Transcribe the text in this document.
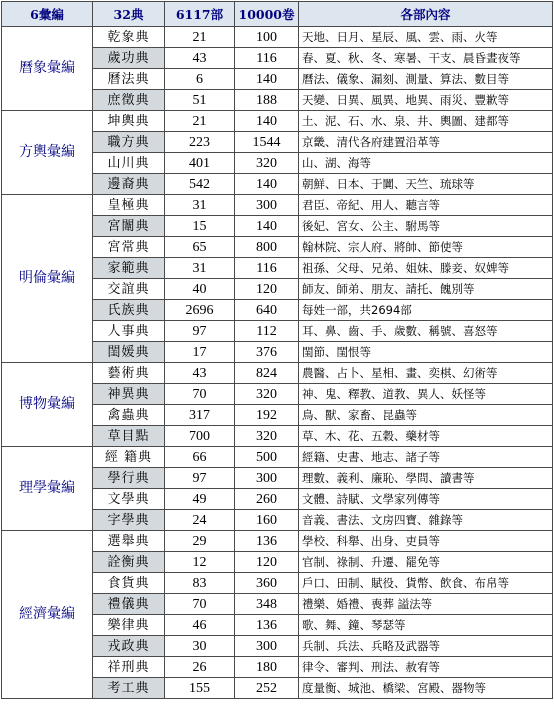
6彙編	32典	6117部	10000卷	各部內容
曆象彙編	乾象典	21	100	天地、日月、星辰、風、雲、雨、火等
	歲功典	43	116	春、夏、秋、冬、寒暑、干支、晨昏晝夜等
	曆法典	6	140	曆法、儀象、漏刻、測量、算法、數目等
	庶徵典	51	188	天變、日異、風異、地異、雨災、豐歉等
方輿彙編	坤輿典	21	140	土、泥、石、水、泉、井、輿圖、建都等
	職方典	223	1544	京畿、清代各府建置沿革等
	山川典	401	320	山、湖、海等
	邊裔典	542	140	朝鮮、日本、于闐、天竺、琉球等
明倫彙編	皇極典	31	300	君臣、帝紀、用人、聽言等
	宮闈典	15	140	後妃、宮女、公主、駙馬等
	宮常典	65	800	翰林院、宗人府、將帥、節使等
	家範典	31	116	祖孫、父母、兄弟、姐妹、滕妾、奴婢等
	交誼典	40	120	師友、師弟、朋友、請托、餽別等
	氏族典	2696	640	每姓一部，共2694部
	人事典	97	112	耳、鼻、齒、手、歲數、稱號、喜怒等
	閨媛典	17	376	閨節、閨恨等
博物彙編	藝術典	43	824	農醫、占卜、星相、畫、奕棋、幻術等
	神異典	70	320	神、鬼、釋教、道教、異人、妖怪等
	禽蟲典	317	192	鳥、獸、家畜、昆蟲等
	草目點	700	320	草、木、花、五穀、藥材等
理學彙編	經 籍典	66	500	經籍、史書、地志、諸子等
	學行典	97	300	理數、義利、廉恥、學問、讀書等
	文學典	49	260	文體、詩賦、文學家列傳等
	字學典	24	160	音義、書法、文房四寶、雜錄等
經濟彙編	選舉典	29	136	學校、科舉、出身、吏員等
	詮衡典	12	120	官制、祿制、升遷、罷免等
	食貨典	83	360	戶口、田制、賦役、貨幣、飲食、布帛等
	禮儀典	70	348	禮樂、婚禮、喪葬 謚法等
	樂律典	46	136	歌、舞、鐘、琴瑟等
	戎政典	30	300	兵制、兵法、兵略及武器等
	祥刑典	26	180	律令、審判、刑法、赦宥等
	考工典	155	252	度量衡、城池、橋梁、宮殿、器物等
